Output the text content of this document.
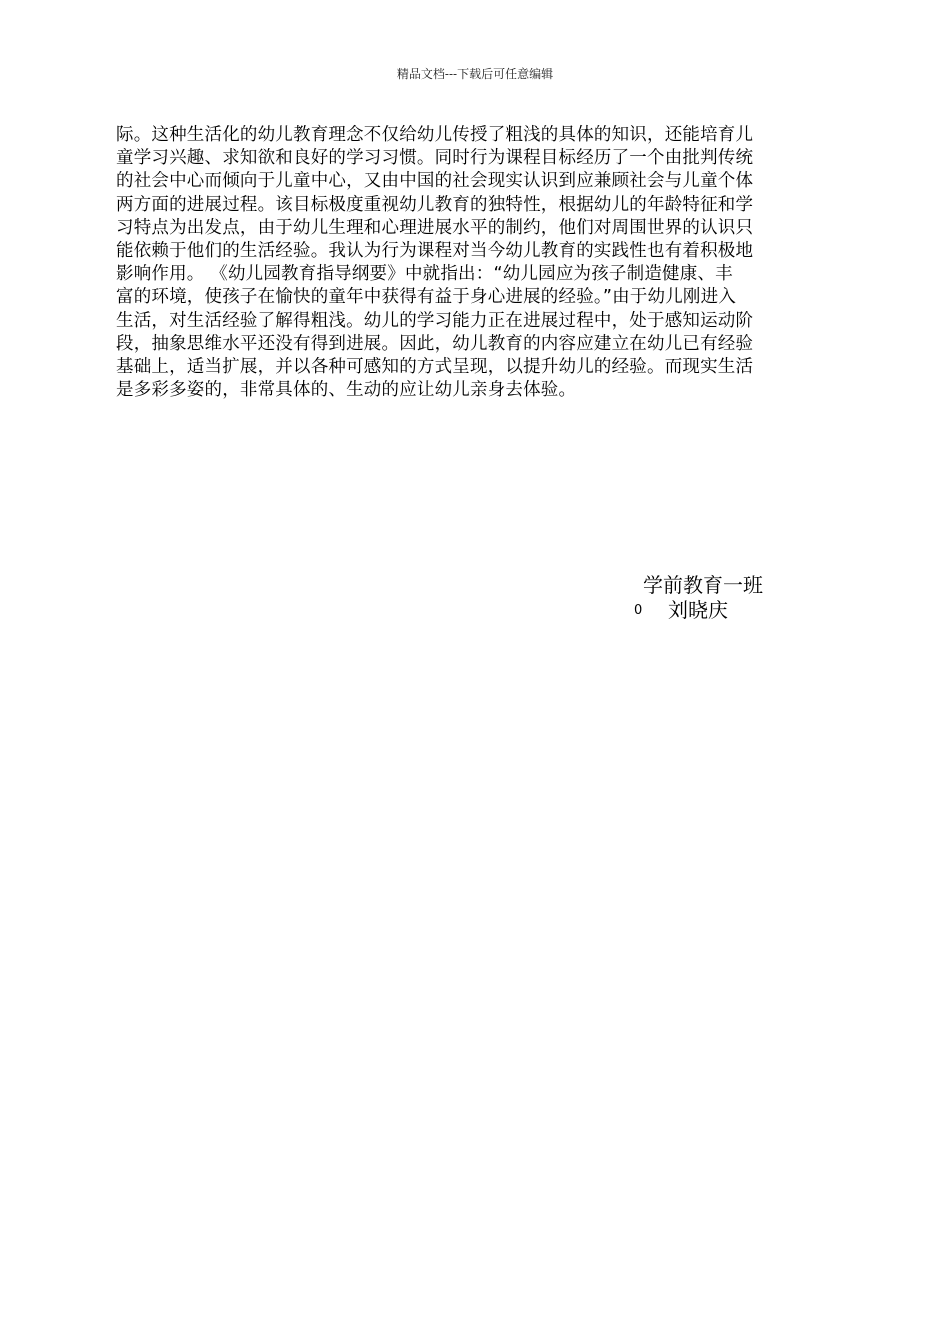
精品文档---下载后可任意编辑
际。这种生活化的幼儿教育理念不仅给幼儿传授了粗浅的具体的知识，还能培育儿
童学习兴趣、求知欲和良好的学习习惯。同时行为课程目标经历了一个由批判传统
的社会中心而倾向于儿童中心，又由中国的社会现实认识到应兼顾社会与儿童个体
两方面的进展过程。该目标极度重视幼儿教育的独特性，根据幼儿的年龄特征和学
习特点为出发点，由于幼儿生理和心理进展水平的制约，他们对周围世界的认识只
能依赖于他们的生活经验。我认为行为课程对当今幼儿教育的实践性也有着积极地
影响作用。 《幼儿园教育指导纲要》中就指出：“幼儿园应为孩子制造健康、丰
富的环境，使孩子在愉快的童年中获得有益于身心进展的经验。”由于幼儿刚进入
生活，对生活经验了解得粗浅。幼儿的学习能力正在进展过程中，处于感知运动阶
段，抽象思维水平还没有得到进展。因此，幼儿教育的内容应建立在幼儿已有经验
基础上，适当扩展，并以各种可感知的方式呈现，以提升幼儿的经验。而现实生活
是多彩多姿的，非常具体的、生动的应让幼儿亲身去体验。
学前教育一班
0 刘晓庆
